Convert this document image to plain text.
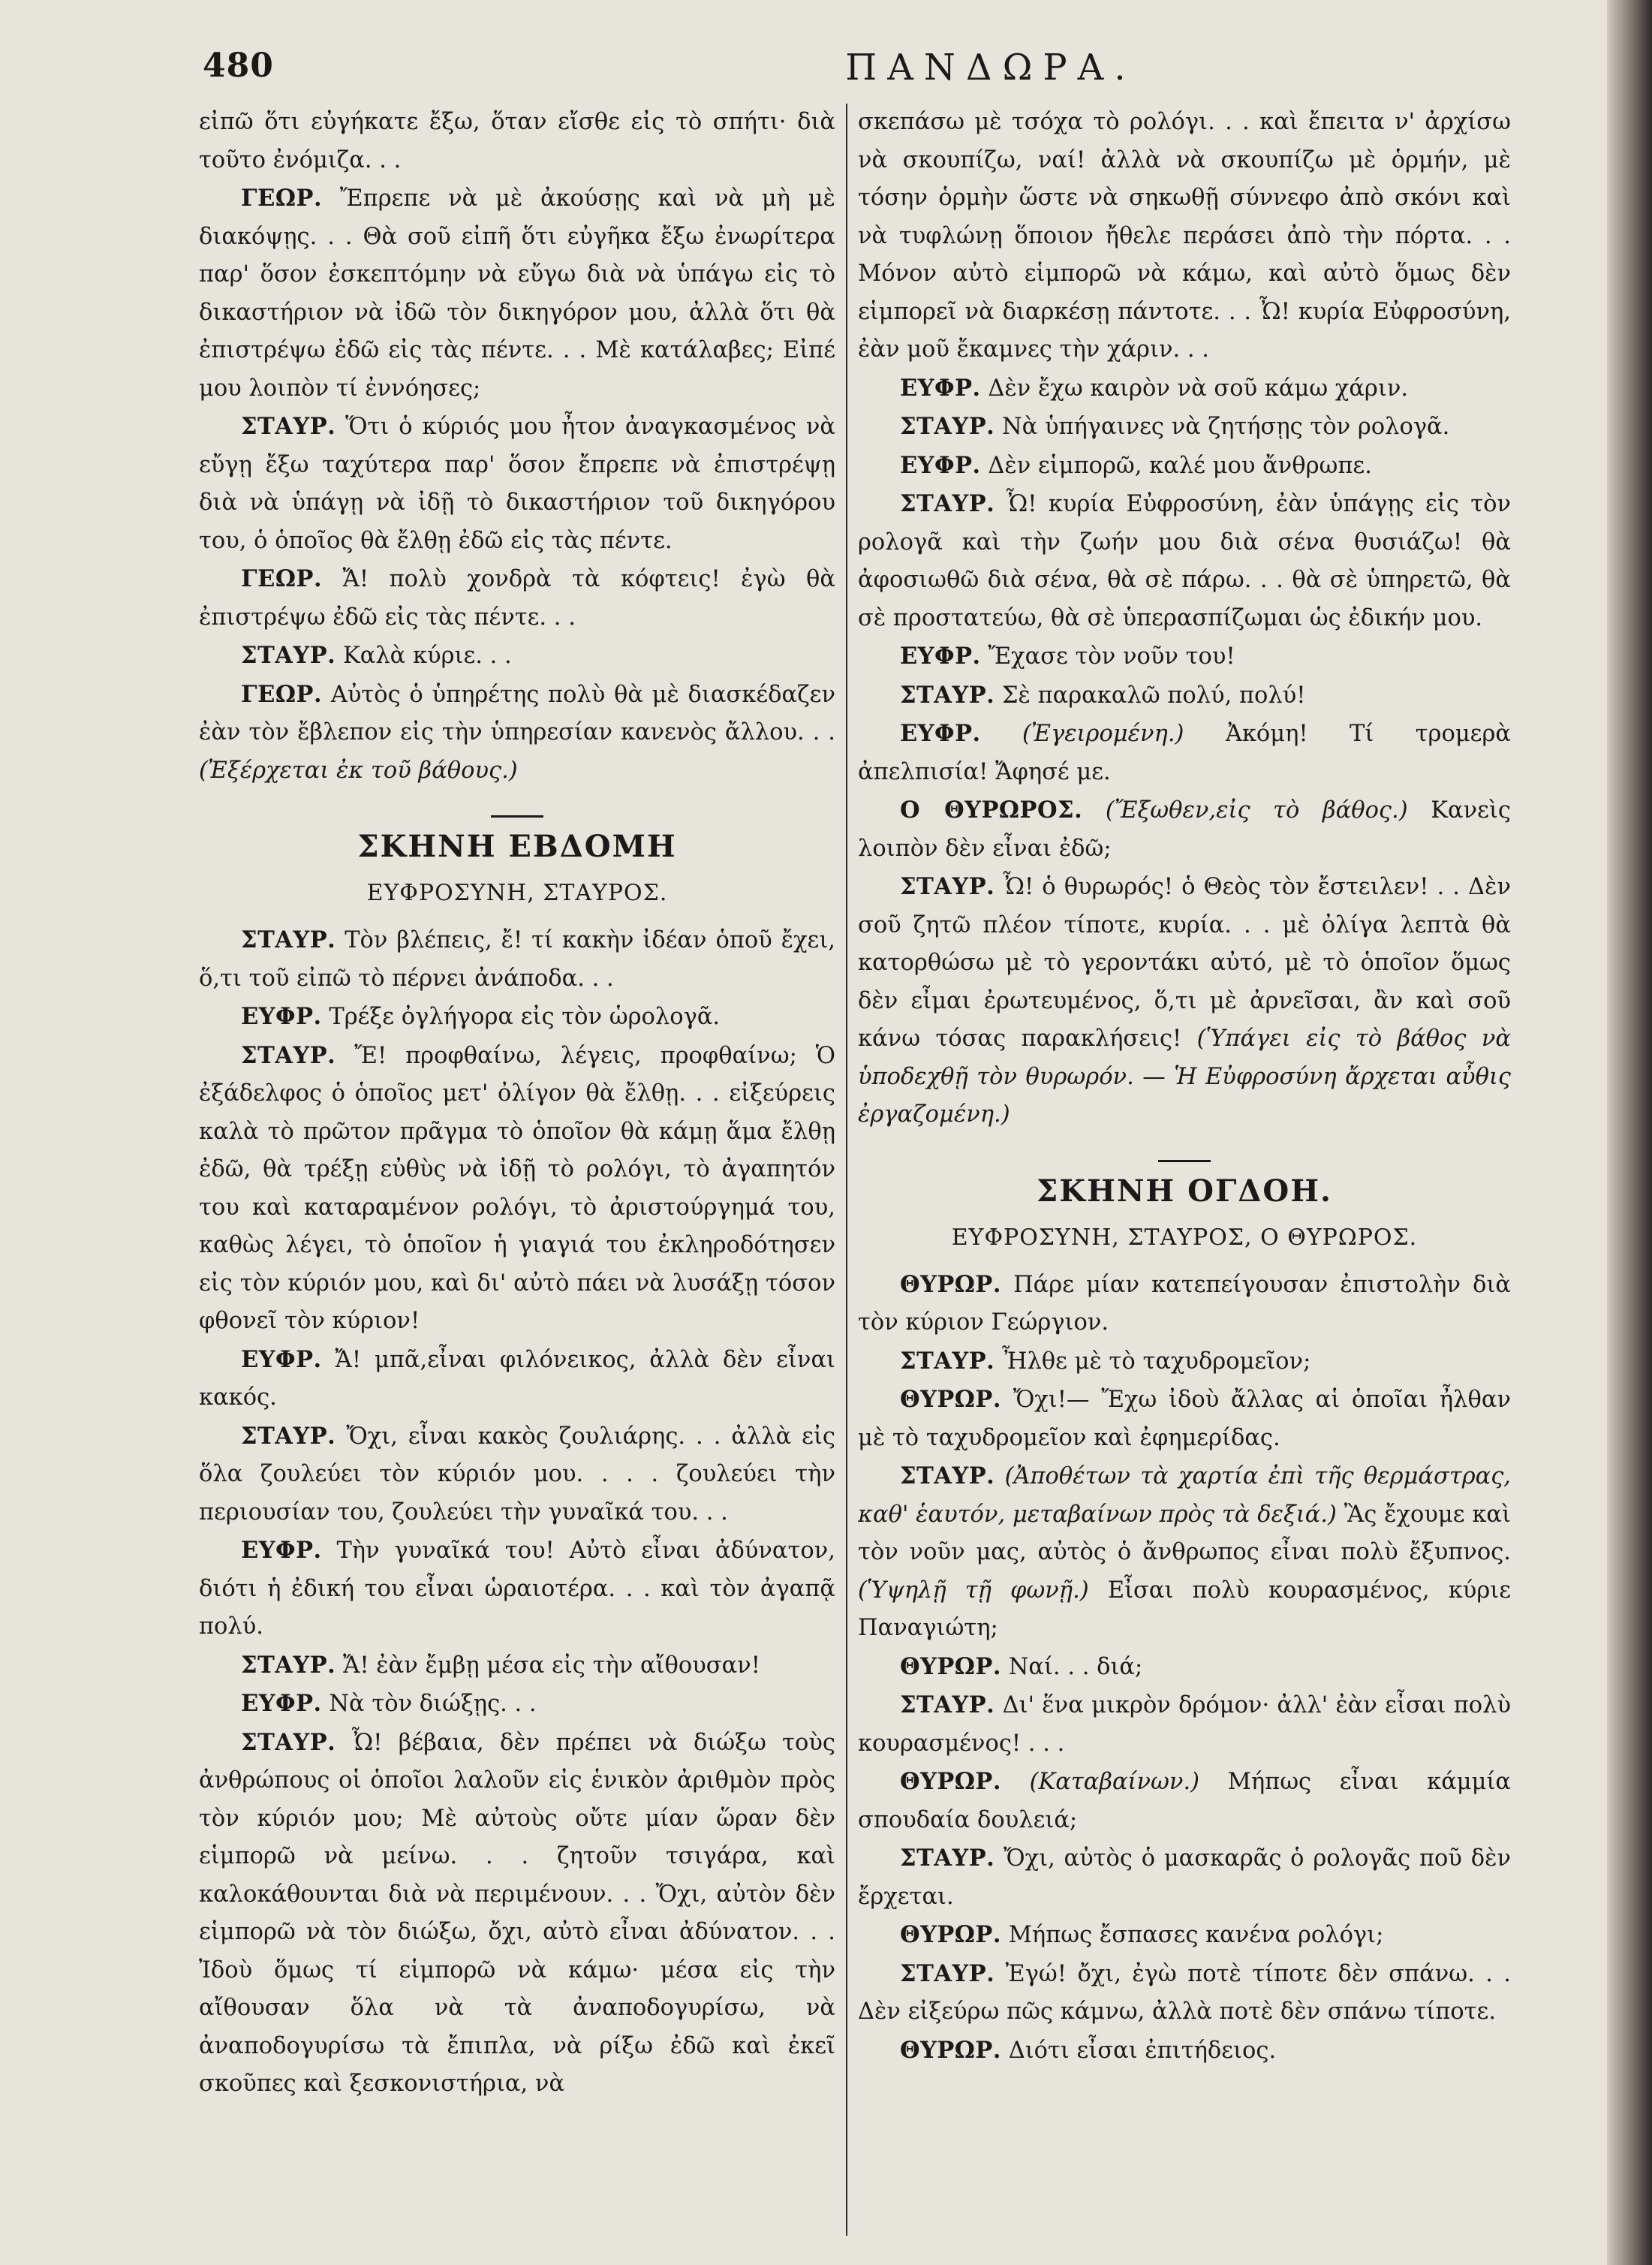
480	ΠΑΝΔΩΡΑ.

εἰπῶ ὅτι εὐγήκατε ἔξω, ὅταν εἴσθε εἰς τὸ σπήτι· διὰ τοῦτο ἐνόμιζα. . .

ΓΕΩΡ. Ἔπρεπε νὰ μὲ ἀκούσῃς καὶ νὰ μὴ μὲ διακόψῃς. . . Θὰ σοῦ εἰπῆ ὅτι εὐγῆκα ἔξω ἐνωρίτερα παρ' ὅσον ἐσκεπτόμην νὰ εὔγω διὰ νὰ ὑπάγω εἰς τὸ δικαστήριον νὰ ἰδῶ τὸν δικηγόρον μου, ἀλλὰ ὅτι θὰ ἐπιστρέψω ἐδῶ εἰς τὰς πέντε. . . Μὲ κατάλαβες; Εἰπέ μου λοιπὸν τί ἐννόησες;

ΣΤΑΥΡ. Ὅτι ὁ κύριός μου ἦτον ἀναγκασμένος νὰ εὔγῃ ἔξω ταχύτερα παρ' ὅσον ἔπρεπε νὰ ἐπιστρέψῃ διὰ νὰ ὑπάγῃ νὰ ἰδῇ τὸ δικαστήριον τοῦ δικηγόρου του, ὁ ὁποῖος θὰ ἔλθῃ ἐδῶ εἰς τὰς πέντε.

ΓΕΩΡ. Ἄ! πολὺ χονδρὰ τὰ κόφτεις! ἐγὼ θὰ ἐπιστρέψω ἐδῶ εἰς τὰς πέντε. . .

ΣΤΑΥΡ. Καλὰ κύριε. . .

ΓΕΩΡ. Αὐτὸς ὁ ὑπηρέτης πολὺ θὰ μὲ διασκέδαζεν ἐὰν τὸν ἔβλεπον εἰς τὴν ὑπηρεσίαν κανενὸς ἄλλου. . . (Ἐξέρχεται ἐκ τοῦ βάθους.)

ΣΚΗΝΗ ΕΒΔΟΜΗ

ΕΥΦΡΟΣΥΝΗ, ΣΤΑΥΡΟΣ.

ΣΤΑΥΡ. Τὸν βλέπεις, ἔ! τί κακὴν ἰδέαν ὁποῦ ἔχει, ὅ,τι τοῦ εἰπῶ τὸ πέρνει ἀνάποδα. . .

ΕΥΦΡ. Τρέξε ὀγλήγορα εἰς τὸν ὡρολογᾶ.

ΣΤΑΥΡ. Ἔ! προφθαίνω, λέγεις, προφθαίνω; Ὁ ἐξάδελφος ὁ ὁποῖος μετ' ὀλίγον θὰ ἔλθῃ. . . εἰξεύρεις καλὰ τὸ πρῶτον πρᾶγμα τὸ ὁποῖον θὰ κάμῃ ἅμα ἔλθῃ ἐδῶ, θὰ τρέξῃ εὐθὺς νὰ ἰδῇ τὸ ρολόγι, τὸ ἀγαπητόν του καὶ καταραμένον ρολόγι, τὸ ἀριστούργημά του, καθὼς λέγει, τὸ ὁποῖον ἡ γιαγιά του ἐκληροδότησεν εἰς τὸν κύριόν μου, καὶ δι' αὐτὸ πάει νὰ λυσάξῃ τόσον φθονεῖ τὸν κύριον!

ΕΥΦΡ. Ἄ! μπᾶ,εἶναι φιλόνεικος, ἀλλὰ δὲν εἶναι κακός.

ΣΤΑΥΡ. Ὄχι, εἶναι κακὸς ζουλιάρης. . . ἀλλὰ εἰς ὅλα ζουλεύει τὸν κύριόν μου. . . . ζουλεύει τὴν περιουσίαν του, ζουλεύει τὴν γυναῖκά του. . .

ΕΥΦΡ. Τὴν γυναῖκά του! Αὐτὸ εἶναι ἀδύνατον, διότι ἡ ἐδική του εἶναι ὡραιοτέρα. . . καὶ τὸν ἀγαπᾷ πολύ.

ΣΤΑΥΡ. Ἄ! ἐὰν ἔμβῃ μέσα εἰς τὴν αἴθουσαν!

ΕΥΦΡ. Νὰ τὸν διώξῃς. . .

ΣΤΑΥΡ. Ὦ! βέβαια, δὲν πρέπει νὰ διώξω τοὺς ἀνθρώπους οἱ ὁποῖοι λαλοῦν εἰς ἑνικὸν ἀριθμὸν πρὸς τὸν κύριόν μου; Μὲ αὐτοὺς οὔτε μίαν ὥραν δὲν εἱμπορῶ νὰ μείνω. . . ζητοῦν τσιγάρα, καὶ καλοκάθουνται διὰ νὰ περιμένουν. . . Ὄχι, αὐτὸν δὲν εἱμπορῶ νὰ τὸν διώξω, ὄχι, αὐτὸ εἶναι ἀδύνατον. . . Ἰδοὺ ὅμως τί εἱμπορῶ νὰ κάμω· μέσα εἰς τὴν αἴθουσαν ὅλα νὰ τὰ ἀναποδογυρίσω, νὰ ἀναποδογυρίσω τὰ ἔπιπλα, νὰ ρίξω ἐδῶ καὶ ἐκεῖ σκοῦπες καὶ ξεσκονιστήρια, νὰ

σκεπάσω μὲ τσόχα τὸ ρολόγι. . . καὶ ἔπειτα ν' ἀρχίσω νὰ σκουπίζω, ναί! ἀλλὰ νὰ σκουπίζω μὲ ὁρμήν, μὲ τόσην ὁρμὴν ὥστε νὰ σηκωθῇ σύννεφο ἀπὸ σκόνι καὶ νὰ τυφλώνῃ ὅποιον ἤθελε περάσει ἀπὸ τὴν πόρτα. . . Μόνον αὐτὸ εἱμπορῶ νὰ κάμω, καὶ αὐτὸ ὅμως δὲν εἱμπορεῖ νὰ διαρκέσῃ πάντοτε. . . Ὦ! κυρία Εὐφροσύνη, ἐὰν μοῦ ἔκαμνες τὴν χάριν. . .

ΕΥΦΡ. Δὲν ἔχω καιρὸν νὰ σοῦ κάμω χάριν.

ΣΤΑΥΡ. Νὰ ὑπήγαινες νὰ ζητήσῃς τὸν ρολογᾶ.

ΕΥΦΡ. Δὲν εἱμπορῶ, καλέ μου ἄνθρωπε.

ΣΤΑΥΡ. Ὦ! κυρία Εὐφροσύνη, ἐὰν ὑπάγῃς εἰς τὸν ρολογᾶ καὶ τὴν ζωήν μου διὰ σένα θυσιάζω! θὰ ἀφοσιωθῶ διὰ σένα, θὰ σὲ πάρω. . . θὰ σὲ ὑπηρετῶ, θὰ σὲ προστατεύω, θὰ σὲ ὑπερασπίζωμαι ὡς ἐδικήν μου.

ΕΥΦΡ. Ἔχασε τὸν νοῦν του!

ΣΤΑΥΡ. Σὲ παρακαλῶ πολύ, πολύ!

ΕΥΦΡ. (Ἐγειρομένη.) Ἀκόμη! Τί τρομερὰ ἀπελπισία! Ἄφησέ με.

Ο ΘΥΡΩΡΟΣ. (Ἔξωθεν,εἰς τὸ βάθος.) Κανεὶς λοιπὸν δὲν εἶναι ἐδῶ;

ΣΤΑΥΡ. Ὦ! ὁ θυρωρός! ὁ Θεὸς τὸν ἔστειλεν! . . Δὲν σοῦ ζητῶ πλέον τίποτε, κυρία. . . μὲ ὀλίγα λεπτὰ θὰ κατορθώσω μὲ τὸ γεροντάκι αὐτό, μὲ τὸ ὁποῖον ὅμως δὲν εἶμαι ἐρωτευμένος, ὅ,τι μὲ ἀρνεῖσαι, ἂν καὶ σοῦ κάνω τόσας παρακλήσεις! (Ὑπάγει εἰς τὸ βάθος νὰ ὑποδεχθῇ τὸν θυρωρόν. — Ἡ Εὐφροσύνη ἄρχεται αὖθις ἐργαζομένη.)

ΣΚΗΝΗ ΟΓΔΟΗ.

ΕΥΦΡΟΣΥΝΗ, ΣΤΑΥΡΟΣ, Ο ΘΥΡΩΡΟΣ.

ΘΥΡΩΡ. Πάρε μίαν κατεπείγουσαν ἐπιστολὴν διὰ τὸν κύριον Γεώργιον.

ΣΤΑΥΡ. Ἦλθε μὲ τὸ ταχυδρομεῖον;

ΘΥΡΩΡ. Ὄχι!— Ἔχω ἰδοὺ ἄλλας αἱ ὁποῖαι ἦλθαν μὲ τὸ ταχυδρομεῖον καὶ ἐφημερίδας.

ΣΤΑΥΡ. (Ἀποθέτων τὰ χαρτία ἐπὶ τῆς θερμάστρας, καθ' ἑαυτόν, μεταβαίνων πρὸς τὰ δεξιά.) Ἂς ἔχουμε καὶ τὸν νοῦν μας, αὐτὸς ὁ ἄνθρωπος εἶναι πολὺ ἔξυπνος. (Ὑψηλῇ τῇ φωνῇ.) Εἶσαι πολὺ κουρασμένος, κύριε Παναγιώτη;

ΘΥΡΩΡ. Ναί. . . διά;

ΣΤΑΥΡ. Δι' ἕνα μικρὸν δρόμον· ἀλλ' ἐὰν εἶσαι πολὺ κουρασμένος! . . .

ΘΥΡΩΡ. (Καταβαίνων.) Μήπως εἶναι κάμμία σπουδαία δουλειά;

ΣΤΑΥΡ. Ὄχι, αὐτὸς ὁ μασκαρᾶς ὁ ρολογᾶς ποῦ δὲν ἔρχεται.

ΘΥΡΩΡ. Μήπως ἔσπασες κανένα ρολόγι;

ΣΤΑΥΡ. Ἐγώ! ὄχι, ἐγὼ ποτὲ τίποτε δὲν σπάνω. . . Δὲν εἰξεύρω πῶς κάμνω, ἀλλὰ ποτὲ δὲν σπάνω τίποτε.

ΘΥΡΩΡ. Διότι εἶσαι ἐπιτήδειος.
